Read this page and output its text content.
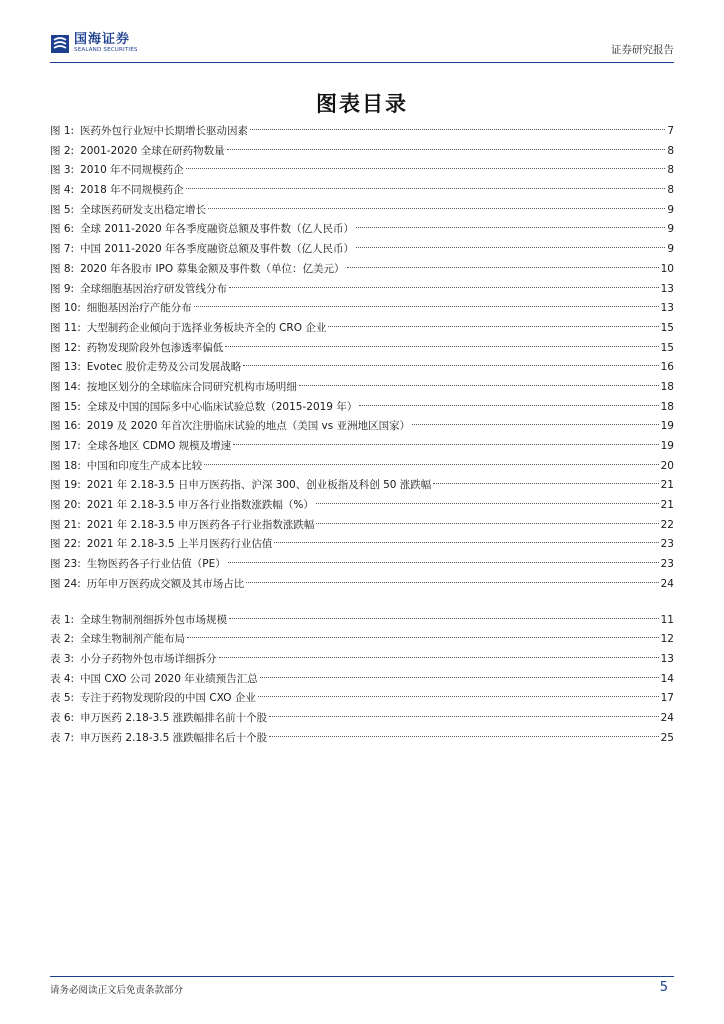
国海证券
SEALAND SECURITIES	证券研究报告
图表目录
图 1: 医药外包行业短中长期增长驱动因素	7
图 2: 2001-2020 全球在研药物数量	8
图 3: 2010 年不同规模药企	8
图 4: 2018 年不同规模药企	8
图 5: 全球医药研发支出稳定增长	9
图 6: 全球 2011-2020 年各季度融资总额及事件数（亿人民币）	9
图 7: 中国 2011-2020 年各季度融资总额及事件数（亿人民币）	9
图 8: 2020 年各股市 IPO 募集金额及事件数（单位：亿美元）	10
图 9: 全球细胞基因治疗研发管线分布	13
图 10: 细胞基因治疗产能分布	13
图 11: 大型制药企业倾向于选择业务板块齐全的 CRO 企业	15
图 12: 药物发现阶段外包渗透率偏低	15
图 13: Evotec 股价走势及公司发展战略	16
图 14: 按地区划分的全球临床合同研究机构市场明细	18
图 15: 全球及中国的国际多中心临床试验总数（2015-2019 年）	18
图 16: 2019 及 2020 年首次注册临床试验的地点（美国 vs 亚洲地区国家）	19
图 17: 全球各地区 CDMO 规模及增速	19
图 18: 中国和印度生产成本比较	20
图 19: 2021 年 2.18-3.5 日申万医药指、沪深 300、创业板指及科创 50 涨跌幅	21
图 20: 2021 年 2.18-3.5 申万各行业指数涨跌幅（%）	21
图 21: 2021 年 2.18-3.5 申万医药各子行业指数涨跌幅	22
图 22: 2021 年 2.18-3.5 上半月医药行业估值	23
图 23: 生物医药各子行业估值（PE）	23
图 24: 历年申万医药成交额及其市场占比	24
表 1: 全球生物制剂细拆外包市场规模	11
表 2: 全球生物制剂产能布局	12
表 3: 小分子药物外包市场详细拆分	13
表 4: 中国 CXO 公司 2020 年业绩预告汇总	14
表 5: 专注于药物发现阶段的中国 CXO 企业	17
表 6: 申万医药 2.18-3.5 涨跌幅排名前十个股	24
表 7: 申万医药 2.18-3.5 涨跌幅排名后十个股	25
请务必阅读正文后免责条款部分	5
